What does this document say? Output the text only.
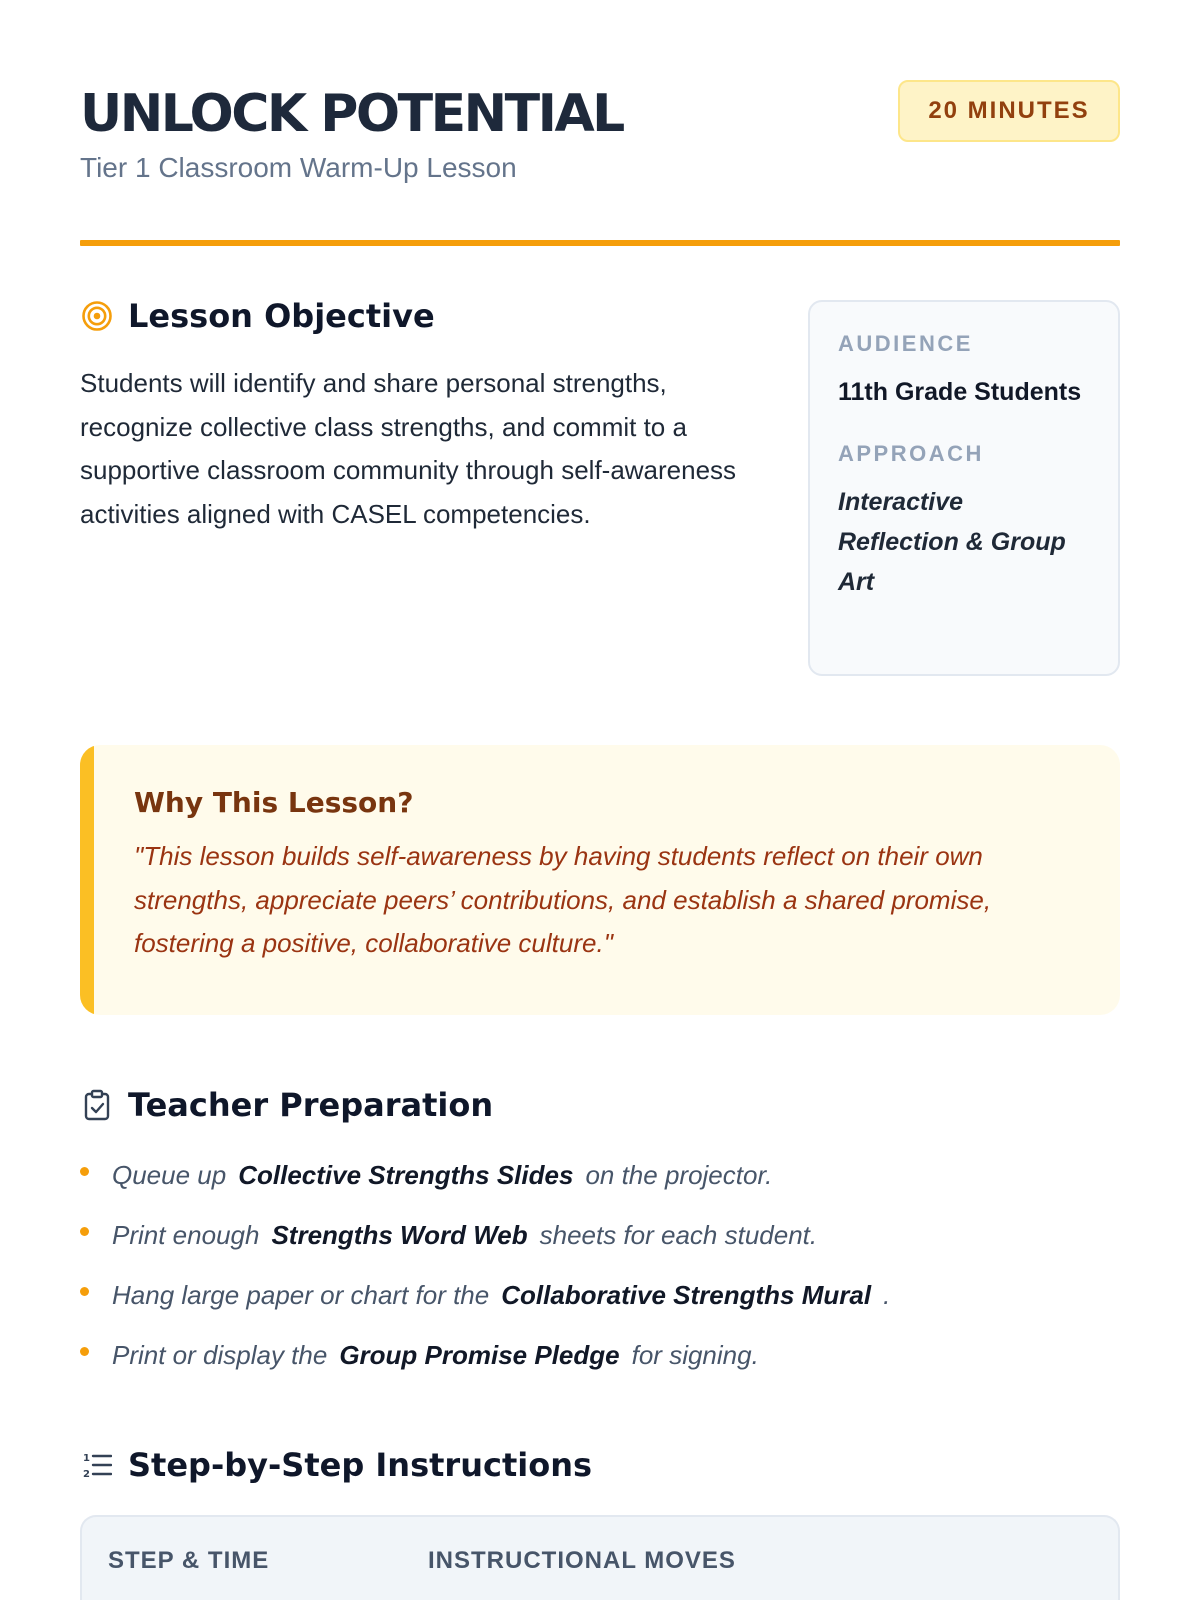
UNLOCK POTENTIAL
Tier 1 Classroom Warm-Up Lesson
20 MINUTES
Lesson Objective

Students will identify and share personal strengths, recognize collective class strengths, and commit to a supportive classroom community through self-awareness activities aligned with CASEL competencies.

AUDIENCE
11th Grade Students
APPROACH
Interactive Reflection & Group Art
Why This Lesson?

"This lesson builds self-awareness by having students reflect on their own strengths, appreciate peers’ contributions, and establish a shared promise, fostering a positive, collaborative culture."

Teacher Preparation
Queue up Collective Strengths Slides on the projector.
Print enough Strengths Word Web sheets for each student.
Hang large paper or chart for the Collaborative Strengths Mural .
Print or display the Group Promise Pledge for signing.
1
2 Step-by-Step Instructions
STEP & TIME	INSTRUCTIONAL MOVES
